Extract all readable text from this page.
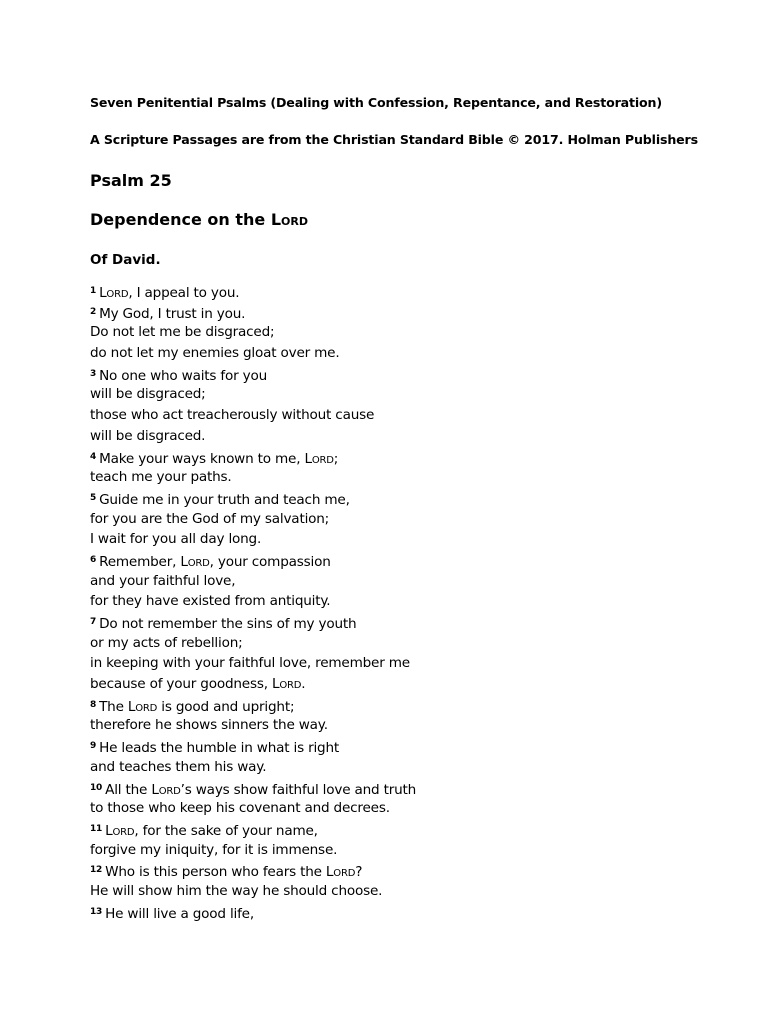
Seven Penitential Psalms (Dealing with Confession, Repentance, and Restoration)
A Scripture Passages are from the Christian Standard Bible © 2017. Holman Publishers
Psalm 25
Dependence on the Lord
Of David.
$^1$ Lord, I appeal to you.
$^2$ My God, I trust in you.
Do not let me be disgraced;
do not let my enemies gloat over me.
$^3$ No one who waits for you
will be disgraced;
those who act treacherously without cause
will be disgraced.
$^4$ Make your ways known to me, Lord;
teach me your paths.
$^5$ Guide me in your truth and teach me,
for you are the God of my salvation;
I wait for you all day long.
$^6$ Remember, Lord, your compassion
and your faithful love,
for they have existed from antiquity.
$^7$ Do not remember the sins of my youth
or my acts of rebellion;
in keeping with your faithful love, remember me
because of your goodness, Lord.
$^8$ The Lord is good and upright;
therefore he shows sinners the way.
$^9$ He leads the humble in what is right
and teaches them his way.
$^{10}$ All the Lord’s ways show faithful love and truth
to those who keep his covenant and decrees.
$^{11}$ Lord, for the sake of your name,
forgive my iniquity, for it is immense.
$^{12}$ Who is this person who fears the Lord?
He will show him the way he should choose.
$^{13}$ He will live a good life,
